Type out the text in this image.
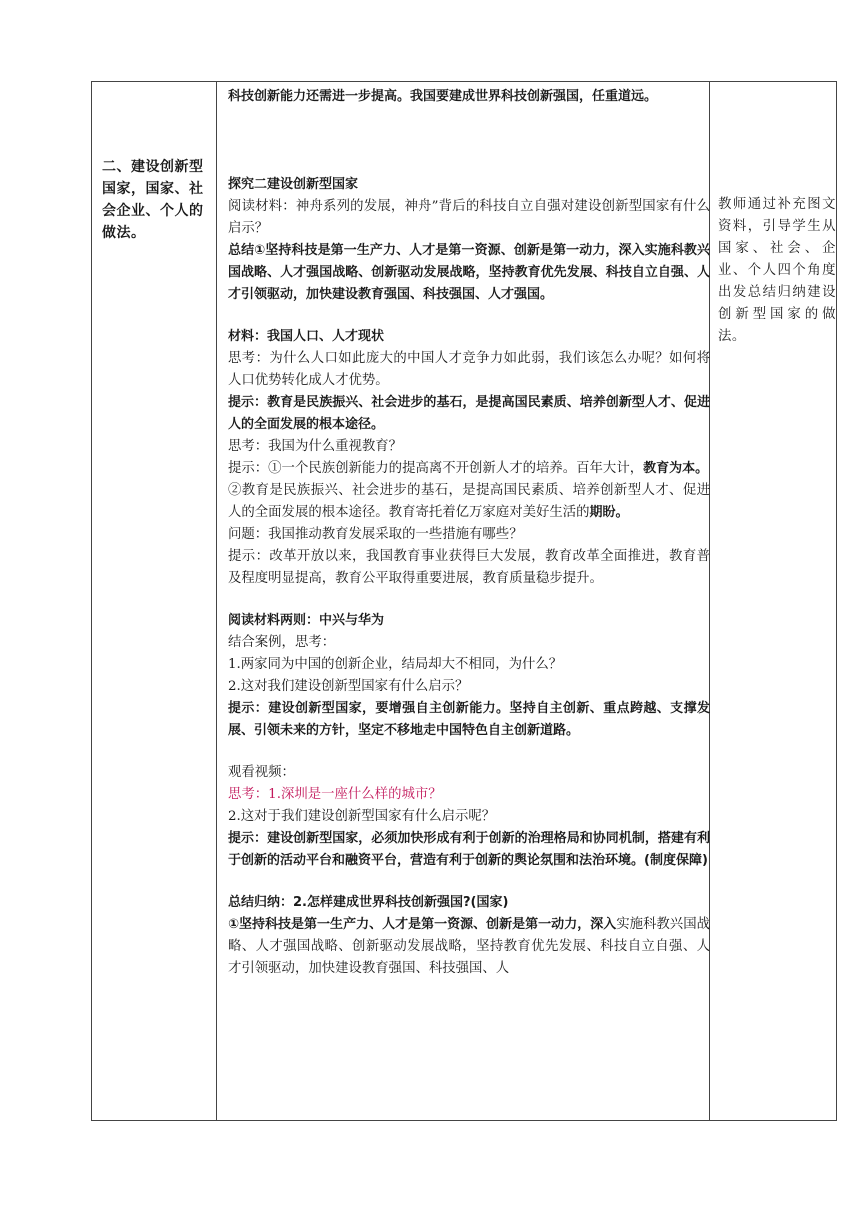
二、建设创新型国家，国家、社会企业、个人的做法。

科技创新能力还需进一步提高。我国要建成世界科技创新强国，任重道远。

探究二建设创新型国家

阅读材料：神舟系列的发展，神舟”背后的科技自立自强对建设创新型国家有什么启示？

总结①坚持科技是第一生产力、人才是第一资源、创新是第一动力，深入实施科教兴国战略、人才强国战略、创新驱动发展战略，坚持教育优先发展、科技自立自强、人才引领驱动，加快建设教育强国、科技强国、人才强国。

材料：我国人口、人才现状

思考：为什么人口如此庞大的中国人才竞争力如此弱，我们该怎么办呢？如何将人口优势转化成人才优势。

提示：教育是民族振兴、社会进步的基石，是提高国民素质、培养创新型人才、促进人的全面发展的根本途径。

思考：我国为什么重视教育？

提示：①一个民族创新能力的提高离不开创新人才的培养。百年大计，教育为本。

②教育是民族振兴、社会进步的基石，是提高国民素质、培养创新型人才、促进人的全面发展的根本途径。教育寄托着亿万家庭对美好生活的期盼。

问题：我国推动教育发展采取的一些措施有哪些？

提示：改革开放以来，我国教育事业获得巨大发展，教育改革全面推进，教育普及程度明显提高，教育公平取得重要进展，教育质量稳步提升。

阅读材料两则：中兴与华为

结合案例，思考：

1.两家同为中国的创新企业，结局却大不相同，为什么？

2.这对我们建设创新型国家有什么启示？

提示：建设创新型国家，要增强自主创新能力。坚持自主创新、重点跨越、支撑发展、引领未来的方针，坚定不移地走中国特色自主创新道路。

观看视频：

思考：1.深圳是一座什么样的城市？

2.这对于我们建设创新型国家有什么启示呢？

提示：建设创新型国家，必须加快形成有利于创新的治理格局和协同机制，搭建有利于创新的活动平台和融资平台，营造有利于创新的舆论氛围和法治环境。(制度保障)

总结归纳：2.怎样建成世界科技创新强国?(国家)

①坚持科技是第一生产力、人才是第一资源、创新是第一动力，深入实施科教兴国战略、人才强国战略、创新驱动发展战略，坚持教育优先发展、科技自立自强、人才引领驱动，加快建设教育强国、科技强国、人

教师通过补充图文资料，引导学生从国家、社会、企业、个人四个角度出发总结归纳建设创新型国家的做法。
